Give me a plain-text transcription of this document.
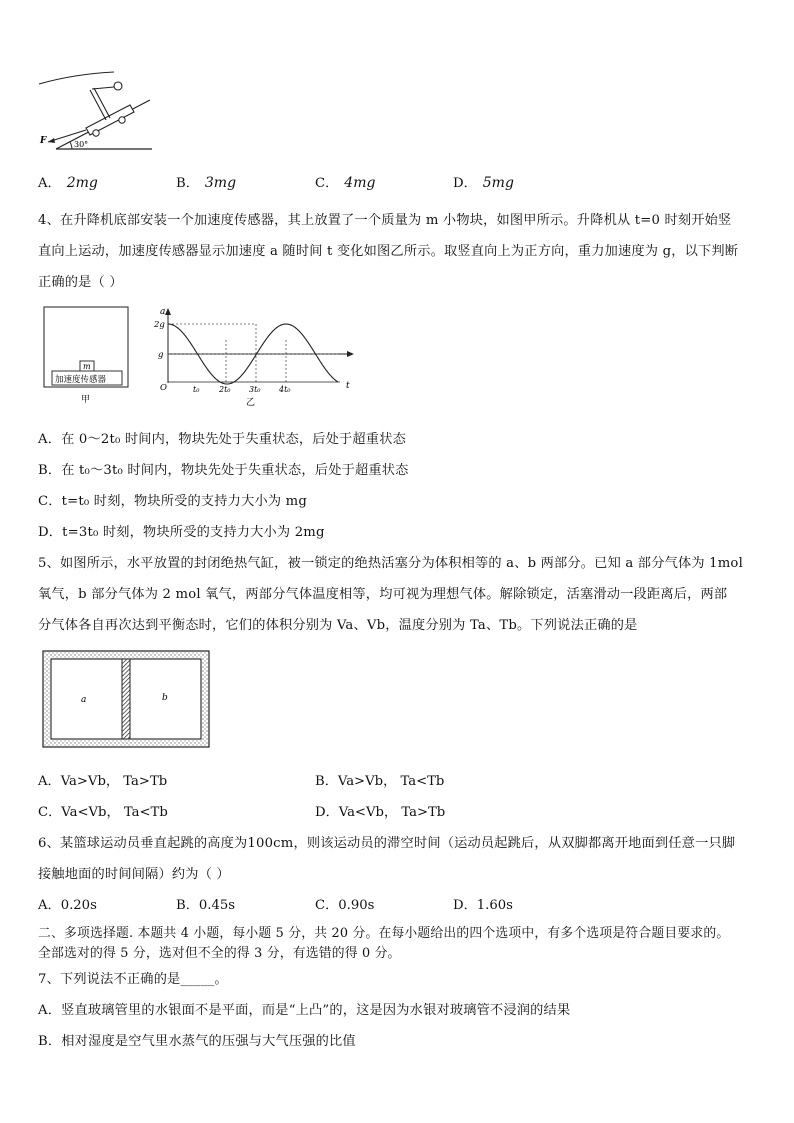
F	30°
A． 2mg	B． 3mg	C． 4mg	D． 5mg
4、在升降机底部安装一个加速度传感器，其上放置了一个质量为 m 小物块，如图甲所示。升降机从 t=0 时刻开始竖
直向上运动，加速度传感器显示加速度 a 随时间 t 变化如图乙所示。取竖直向上为正方向，重力加速度为 g，以下判断
正确的是（ ）
m
加速度传感器
甲
a
2g
g
O	t₀ 2t₀ 3t₀ 4t₀	t
乙
A．在 0～2t₀ 时间内，物块先处于失重状态，后处于超重状态
B．在 t₀～3t₀ 时间内，物块先处于失重状态，后处于超重状态
C．t=t₀ 时刻，物块所受的支持力大小为 mg
D．t=3t₀ 时刻，物块所受的支持力大小为 2mg
5、如图所示，水平放置的封闭绝热气缸，被一锁定的绝热活塞分为体积相等的 a、b 两部分。已知 a 部分气体为 1mol
氧气，b 部分气体为 2 mol 氧气，两部分气体温度相等，均可视为理想气体。解除锁定，活塞滑动一段距离后，两部
分气体各自再次达到平衡态时，它们的体积分别为 Va、Vb，温度分别为 Ta、Tb。下列说法正确的是
a	b
A．Va>Vb， Ta>Tb	B．Va>Vb， Ta<Tb
C．Va<Vb， Ta<Tb	D．Va<Vb， Ta>Tb
6、某篮球运动员垂直起跳的高度为100cm，则该运动员的滞空时间（运动员起跳后，从双脚都离开地面到任意一只脚
接触地面的时间间隔）约为（ ）
A．0.20s	B．0.45s	C．0.90s	D．1.60s
二、多项选择题. 本题共 4 小题，每小题 5 分，共 20 分。在每小题给出的四个选项中，有多个选项是符合题目要求的。
全部选对的得 5 分，选对但不全的得 3 分，有选错的得 0 分。
7、下列说法不正确的是_____。
A．竖直玻璃管里的水银面不是平面，而是“上凸”的，这是因为水银对玻璃管不浸润的结果
B．相对湿度是空气里水蒸气的压强与大气压强的比值
